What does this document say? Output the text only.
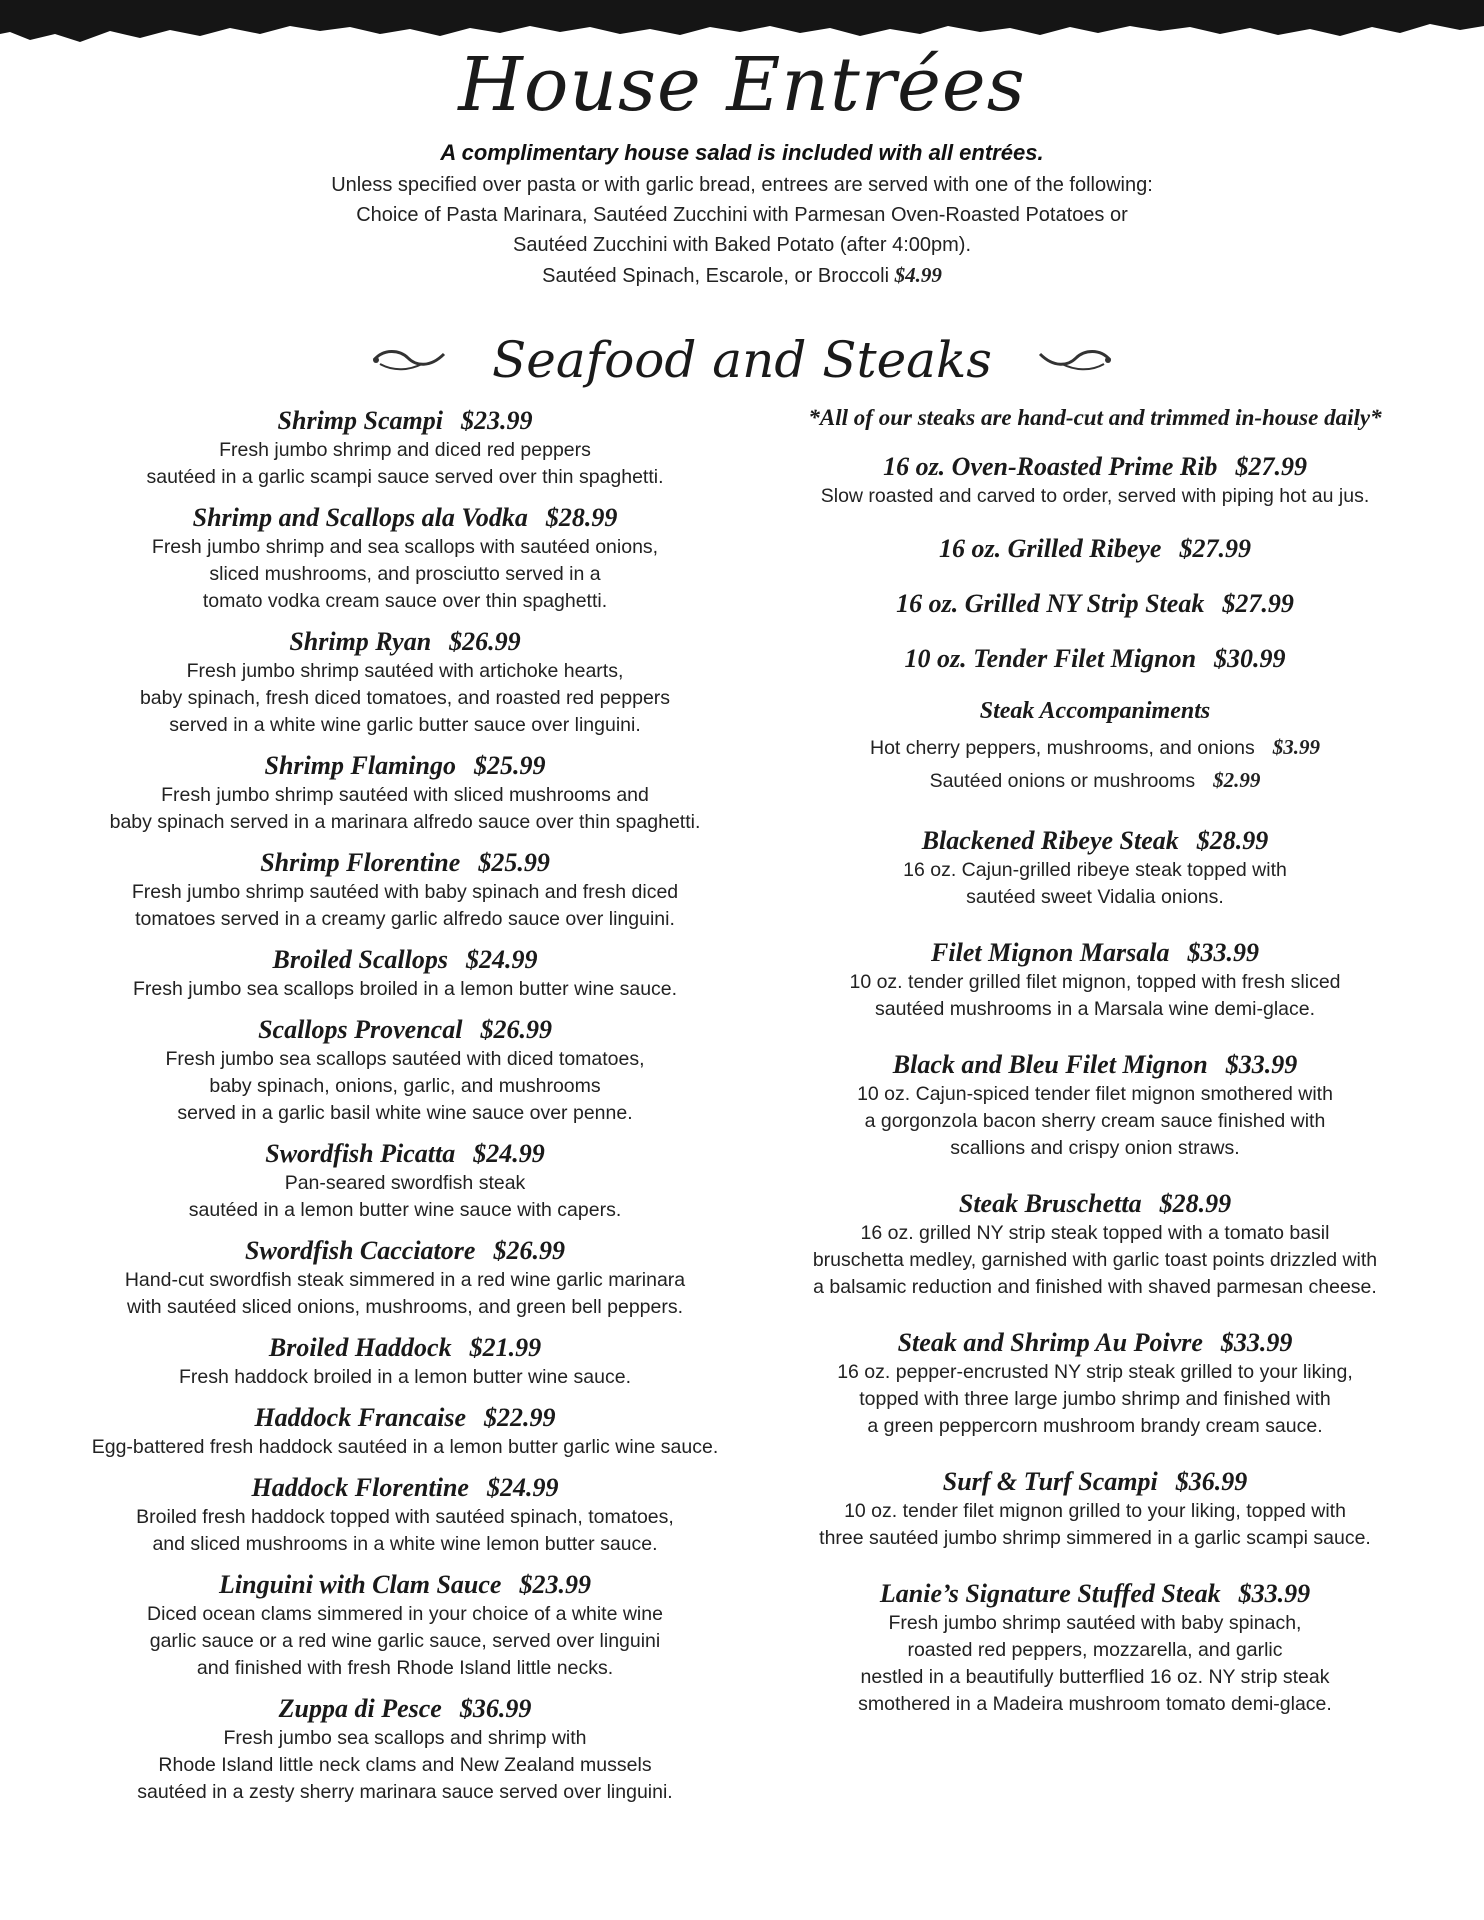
House Entrées

A complimentary house salad is included with all entrées.

Unless specified over pasta or with garlic bread, entrees are served with one of the following:

Choice of Pasta Marinara, Sautéed Zucchini with Parmesan Oven-Roasted Potatoes or

Sautéed Zucchini with Baked Potato (after 4:00pm).

Sautéed Spinach, Escarole, or Broccoli $4.99

Seafood and Steaks

Shrimp Scampi $23.99

Fresh jumbo shrimp and diced red peppers

sautéed in a garlic scampi sauce served over thin spaghetti.

Shrimp and Scallops ala Vodka $28.99

Fresh jumbo shrimp and sea scallops with sautéed onions,

sliced mushrooms, and prosciutto served in a

tomato vodka cream sauce over thin spaghetti.

Shrimp Ryan $26.99

Fresh jumbo shrimp sautéed with artichoke hearts,

baby spinach, fresh diced tomatoes, and roasted red peppers

served in a white wine garlic butter sauce over linguini.

Shrimp Flamingo $25.99

Fresh jumbo shrimp sautéed with sliced mushrooms and

baby spinach served in a marinara alfredo sauce over thin spaghetti.

Shrimp Florentine $25.99

Fresh jumbo shrimp sautéed with baby spinach and fresh diced

tomatoes served in a creamy garlic alfredo sauce over linguini.

Broiled Scallops $24.99

Fresh jumbo sea scallops broiled in a lemon butter wine sauce.

Scallops Provencal $26.99

Fresh jumbo sea scallops sautéed with diced tomatoes,

baby spinach, onions, garlic, and mushrooms

served in a garlic basil white wine sauce over penne.

Swordfish Picatta $24.99

Pan-seared swordfish steak

sautéed in a lemon butter wine sauce with capers.

Swordfish Cacciatore $26.99

Hand-cut swordfish steak simmered in a red wine garlic marinara

with sautéed sliced onions, mushrooms, and green bell peppers.

Broiled Haddock $21.99

Fresh haddock broiled in a lemon butter wine sauce.

Haddock Francaise $22.99

Egg-battered fresh haddock sautéed in a lemon butter garlic wine sauce.

Haddock Florentine $24.99

Broiled fresh haddock topped with sautéed spinach, tomatoes,

and sliced mushrooms in a white wine lemon butter sauce.

Linguini with Clam Sauce $23.99

Diced ocean clams simmered in your choice of a white wine

garlic sauce or a red wine garlic sauce, served over linguini

and finished with fresh Rhode Island little necks.

Zuppa di Pesce $36.99

Fresh jumbo sea scallops and shrimp with

Rhode Island little neck clams and New Zealand mussels

sautéed in a zesty sherry marinara sauce served over linguini.

*All of our steaks are hand-cut and trimmed in-house daily*

16 oz. Oven-Roasted Prime Rib $27.99

Slow roasted and carved to order, served with piping hot au jus.

16 oz. Grilled Ribeye $27.99

16 oz. Grilled NY Strip Steak $27.99

10 oz. Tender Filet Mignon $30.99

Steak Accompaniments

Hot cherry peppers, mushrooms, and onions $3.99

Sautéed onions or mushrooms $2.99

Blackened Ribeye Steak $28.99

16 oz. Cajun-grilled ribeye steak topped with

sautéed sweet Vidalia onions.

Filet Mignon Marsala $33.99

10 oz. tender grilled filet mignon, topped with fresh sliced

sautéed mushrooms in a Marsala wine demi-glace.

Black and Bleu Filet Mignon $33.99

10 oz. Cajun-spiced tender filet mignon smothered with

a gorgonzola bacon sherry cream sauce finished with

scallions and crispy onion straws.

Steak Bruschetta $28.99

16 oz. grilled NY strip steak topped with a tomato basil

bruschetta medley, garnished with garlic toast points drizzled with

a balsamic reduction and finished with shaved parmesan cheese.

Steak and Shrimp Au Poivre $33.99

16 oz. pepper-encrusted NY strip steak grilled to your liking,

topped with three large jumbo shrimp and finished with

a green peppercorn mushroom brandy cream sauce.

Surf & Turf Scampi $36.99

10 oz. tender filet mignon grilled to your liking, topped with

three sautéed jumbo shrimp simmered in a garlic scampi sauce.

Lanie’s Signature Stuffed Steak $33.99

Fresh jumbo shrimp sautéed with baby spinach,

roasted red peppers, mozzarella, and garlic

nestled in a beautifully butterflied 16 oz. NY strip steak

smothered in a Madeira mushroom tomato demi-glace.
